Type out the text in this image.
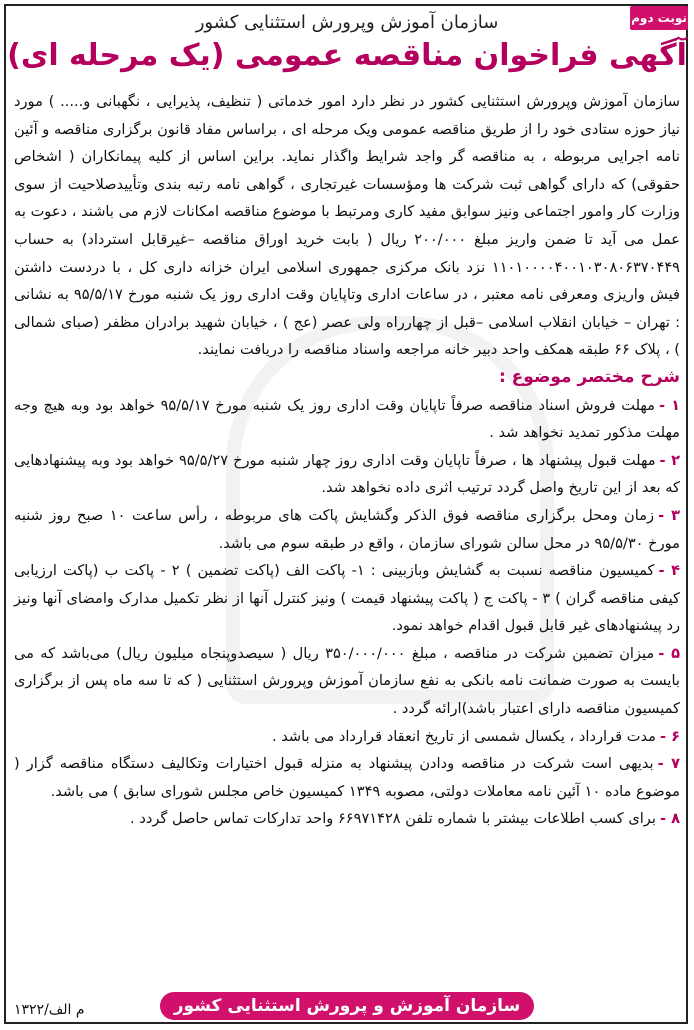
نوبت دوم
سازمان آموزش وپرورش استثنایی کشور
آگهی فراخوان مناقصه عمومی (یک مرحله ای)

سازمان آموزش وپرورش استثنایی کشور در نظر دارد امور خدماتی ( تنظیف، پذیرایی ، نگهبانی و..... ) مورد نیاز حوزه ستادی خود را از طریق مناقصه عمومی ویک مرحله ای ، براساس مفاد قانون برگزاری مناقصه و آئین نامه اجرایی مربوطه ، به مناقصه گر واجد شرایط واگذار نماید. براین اساس از کلیه پیمانکاران ( اشخاص حقوقی) که دارای گواهی ثبت شرکت ها ومؤسسات غیرتجاری ، گواهی نامه رتبه بندی وتأییدصلاحیت از سوی وزارت کار وامور اجتماعی ونیز سوابق مفید کاری ومرتبط با موضوع مناقصه امکانات لازم می باشند ، دعوت به عمل می آید تا ضمن واریز مبلغ ۲۰۰/۰۰۰ ریال ( بابت خرید اوراق مناقصه –غیرقابل استرداد) به حساب ۱۱۰۱۰۰۰۰۴۰۰۱۰۳۰۸۰۶۳۷۰۴۴۹ نزد بانک مرکزی جمهوری اسلامی ایران خزانه داری کل ، با دردست داشتن فیش واریزی ومعرفی نامه معتبر ، در ساعات اداری وتاپایان وقت اداری روز یک شنبه مورخ ۹۵/۵/۱۷ به نشانی : تهران – خیابان انقلاب اسلامی –قبل از چهارراه ولی عصر (عج ) ، خیابان شهید برادران مظفر (صبای شمالی ) ، پلاک ۶۶ طبقه همکف واحد دبیر خانه مراجعه واسناد مناقصه را دریافت نمایند.

شرح مختصر موضوع :

۱ -مهلت فروش اسناد مناقصه صرفاً تاپایان وقت اداری روز یک شنبه مورخ ۹۵/۵/۱۷ خواهد بود وبه هیچ وجه مهلت مذکور تمدید نخواهد شد .

۲ -مهلت قبول پیشنهاد ها ، صرفاً تاپایان وقت اداری روز چهار شنبه مورخ ۹۵/۵/۲۷ خواهد بود وبه پیشنهادهایی که بعد از این تاریخ واصل گردد ترتیب اثری داده نخواهد شد.

۳ -زمان ومحل برگزاری مناقصه فوق الذکر وگشایش پاکت های مربوطه ، رأس ساعت ۱۰ صبح روز شنبه مورخ ۹۵/۵/۳۰ در محل سالن شورای سازمان ، واقع در طبقه سوم می باشد.

۴ -کمیسیون مناقصه نسبت به گشایش وبازبینی : ۱- پاکت الف (پاکت تضمین ) ۲ - پاکت ب (پاکت ارزیابی کیفی مناقصه گران ) ۳ - پاکت ج ( پاکت پیشنهاد قیمت ) ونیز کنترل آنها از نظر تکمیل مدارک وامضای آنها ونیز رد پیشنهادهای غیر قابل قبول اقدام خواهد نمود.

۵ -میزان تضمین شرکت در مناقصه ، مبلغ ۳۵۰/۰۰۰/۰۰۰ ریال ( سیصدوپنجاه میلیون ریال) می‌باشد که می بایست به صورت ضمانت نامه بانکی به نفع سازمان آموزش وپرورش استثنایی ( که تا سه ماه پس از برگزاری کمیسیون مناقصه دارای اعتبار باشد)ارائه گردد .

۶ -مدت قرارداد ، یکسال شمسی از تاریخ انعقاد قرارداد می باشد .

۷ -بدیهی است شرکت در مناقصه ودادن پیشنهاد به منزله قبول اختیارات وتکالیف دستگاه مناقصه گزار ( موضوع ماده ۱۰ آئین نامه معاملات دولتی، مصوبه ۱۳۴۹ کمیسیون خاص مجلس شورای سابق ) می باشد.

۸ -برای کسب اطلاعات بیشتر با شماره تلفن ۶۶۹۷۱۴۲۸ واحد تدارکات تماس حاصل گردد .

سازمان آموزش و پرورش استثنایی کشور
۱۳۲۲/م الف
